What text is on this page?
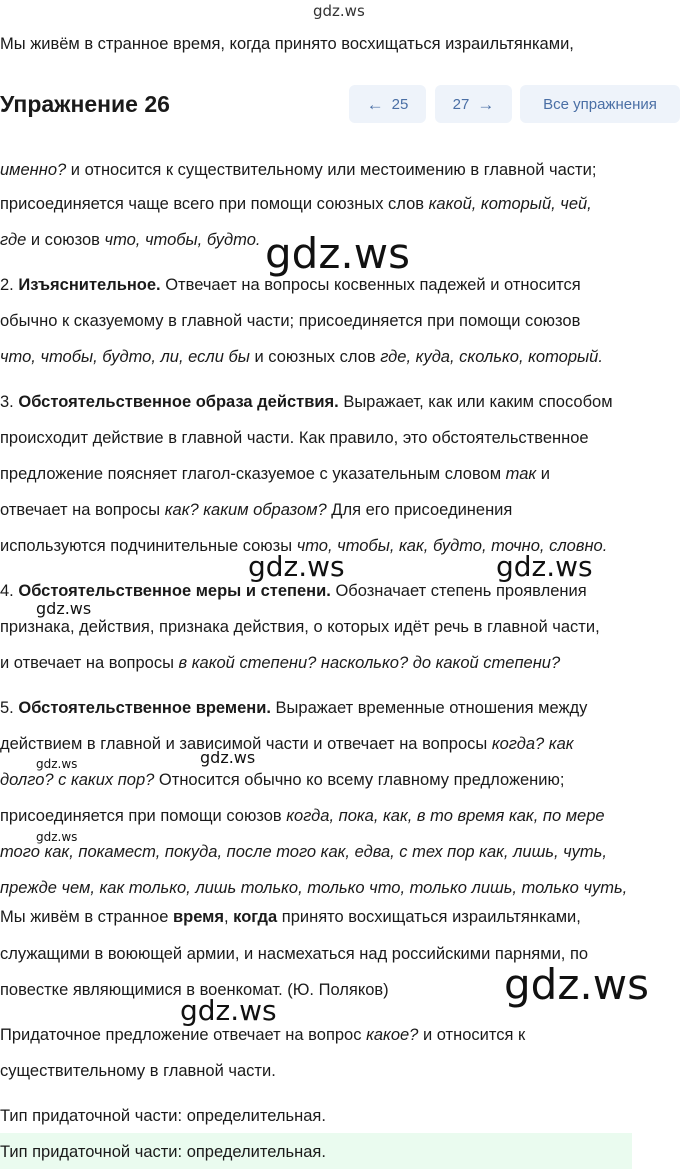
gdz.ws
Мы живём в странное время, когда принято восхищаться израильтянками,
именно? и относится к существительному или местоимению в главной части;
присоединяется чаще всего при помощи союзных слов какой, который, чей,
где и союзов что, чтобы, будто.
2. Изъяснительное. Отвечает на вопросы косвенных падежей и относится
обычно к сказуемому в главной части; присоединяется при помощи союзов
что, чтобы, будто, ли, если бы и союзных слов где, куда, сколько, который.
3. Обстоятельственное образа действия. Выражает, как или каким способом
происходит действие в главной части. Как правило, это обстоятельственное
предложение поясняет глагол-сказуемое с указательным словом так и
отвечает на вопросы как? каким образом? Для его присоединения
используются подчинительные союзы что, чтобы, как, будто, точно, словно.
4. Обстоятельственное меры и степени. Обозначает степень проявления
признака, действия, признака действия, о которых идёт речь в главной части,
и отвечает на вопросы в какой степени? насколько? до какой степени?
5. Обстоятельственное времени. Выражает временные отношения между
действием в главной и зависимой части и отвечает на вопросы когда? как
долго? с каких пор? Относится обычно ко всему главному предложению;
присоединяется при помощи союзов когда, пока, как, в то время как, по мере
того как, покамест, покуда, после того как, едва, с тех пор как, лишь, чуть,
прежде чем, как только, лишь только, только что, только лишь, только чуть,
Мы живём в странное время, когда принято восхищаться израильтянками,
служащими в воюющей армии, и насмехаться над российскими парнями, по
повестке являющимися в военкомат. (Ю. Поляков)
Придаточное предложение отвечает на вопрос какое? и относится к
существительному в главной части.
Тип придаточной части: определительная.
Тип придаточной части: определительная.
Упражнение 26	← 25	27 →	Все упражнения
gdz.ws
gdz.ws	gdz.ws
gdz.ws
gdz.ws
gdz.ws
gdz.ws
gdz.ws
gdz.ws
